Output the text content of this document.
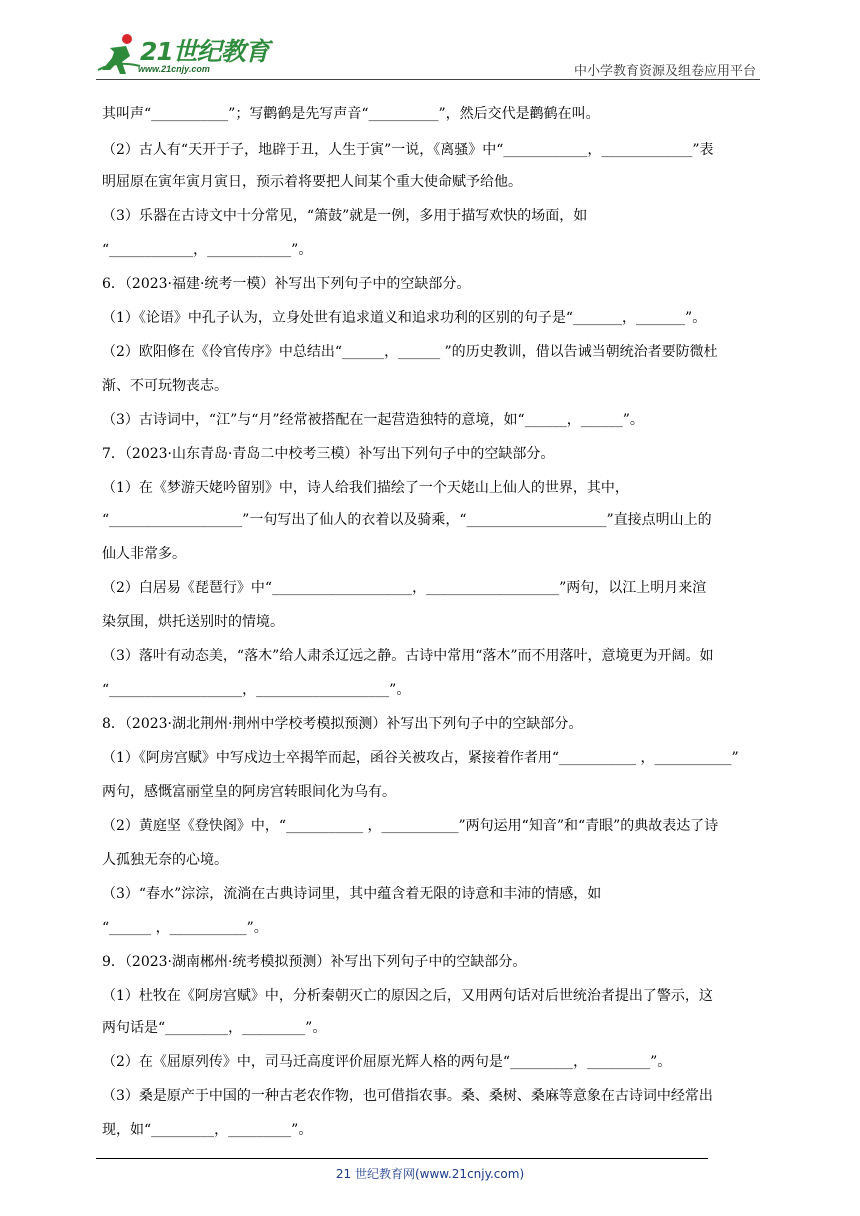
21世纪教育
www.21cnjy.com	中小学教育资源及组卷应用平台
其叫声“___________”；写鹳鹤是先写声音“__________”，然后交代是鹳鹤在叫。
（2）古人有“天开于子，地辟于丑，人生于寅”一说，《离骚》中“____________，_____________”表
明屈原在寅年寅月寅日，预示着将要把人间某个重大使命赋予给他。
（3）乐器在古诗文中十分常见，“箫鼓”就是一例，多用于描写欢快的场面，如
“____________，____________”。
6．（2023·福建·统考一模）补写出下列句子中的空缺部分。
（1）《论语》中孔子认为，立身处世有追求道义和追求功利的区别的句子是“_______，_______”。
（2）欧阳修在《伶官传序》中总结出“______，______ ”的历史教训，借以告诫当朝统治者要防微杜
渐、不可玩物丧志。
（3）古诗词中，“江”与“月”经常被搭配在一起营造独特的意境，如“______，______”。
7．（2023·山东青岛·青岛二中校考三模）补写出下列句子中的空缺部分。
（1）在《梦游天姥吟留别》中，诗人给我们描绘了一个天姥山上仙人的世界，其中，
“___________________”一句写出了仙人的衣着以及骑乘，“____________________”直接点明山上的
仙人非常多。
（2）白居易《琵琶行》中“____________________，___________________”两句，以江上明月来渲
染氛围，烘托送别时的情境。
（3）落叶有动态美，“落木”给人肃杀辽远之静。古诗中常用“落木”而不用落叶，意境更为开阔。如
“___________________，___________________”。
8．（2023·湖北荆州·荆州中学校考模拟预测）补写出下列句子中的空缺部分。
（1）《阿房宫赋》中写戍边士卒揭竿而起，函谷关被攻占，紧接着作者用“___________ ，___________”
两句，感慨富丽堂皇的阿房宫转眼间化为乌有。
（2）黄庭坚《登快阁》中，“___________ ，___________”两句运用“知音”和“青眼”的典故表达了诗
人孤独无奈的心境。
（3）“春水”淙淙，流淌在古典诗词里，其中蕴含着无限的诗意和丰沛的情感，如
“______ ，___________”。
9．（2023·湖南郴州·统考模拟预测）补写出下列句子中的空缺部分。
（1）杜牧在《阿房宫赋》中，分析秦朝灭亡的原因之后，又用两句话对后世统治者提出了警示，这
两句话是“_________，_________”。
（2）在《屈原列传》中，司马迁高度评价屈原光辉人格的两句是“_________，_________”。
（3）桑是原产于中国的一种古老农作物，也可借指农事。桑、桑树、桑麻等意象在古诗词中经常出
现，如“_________，_________”。
21 世纪教育网(www.21cnjy.com)
